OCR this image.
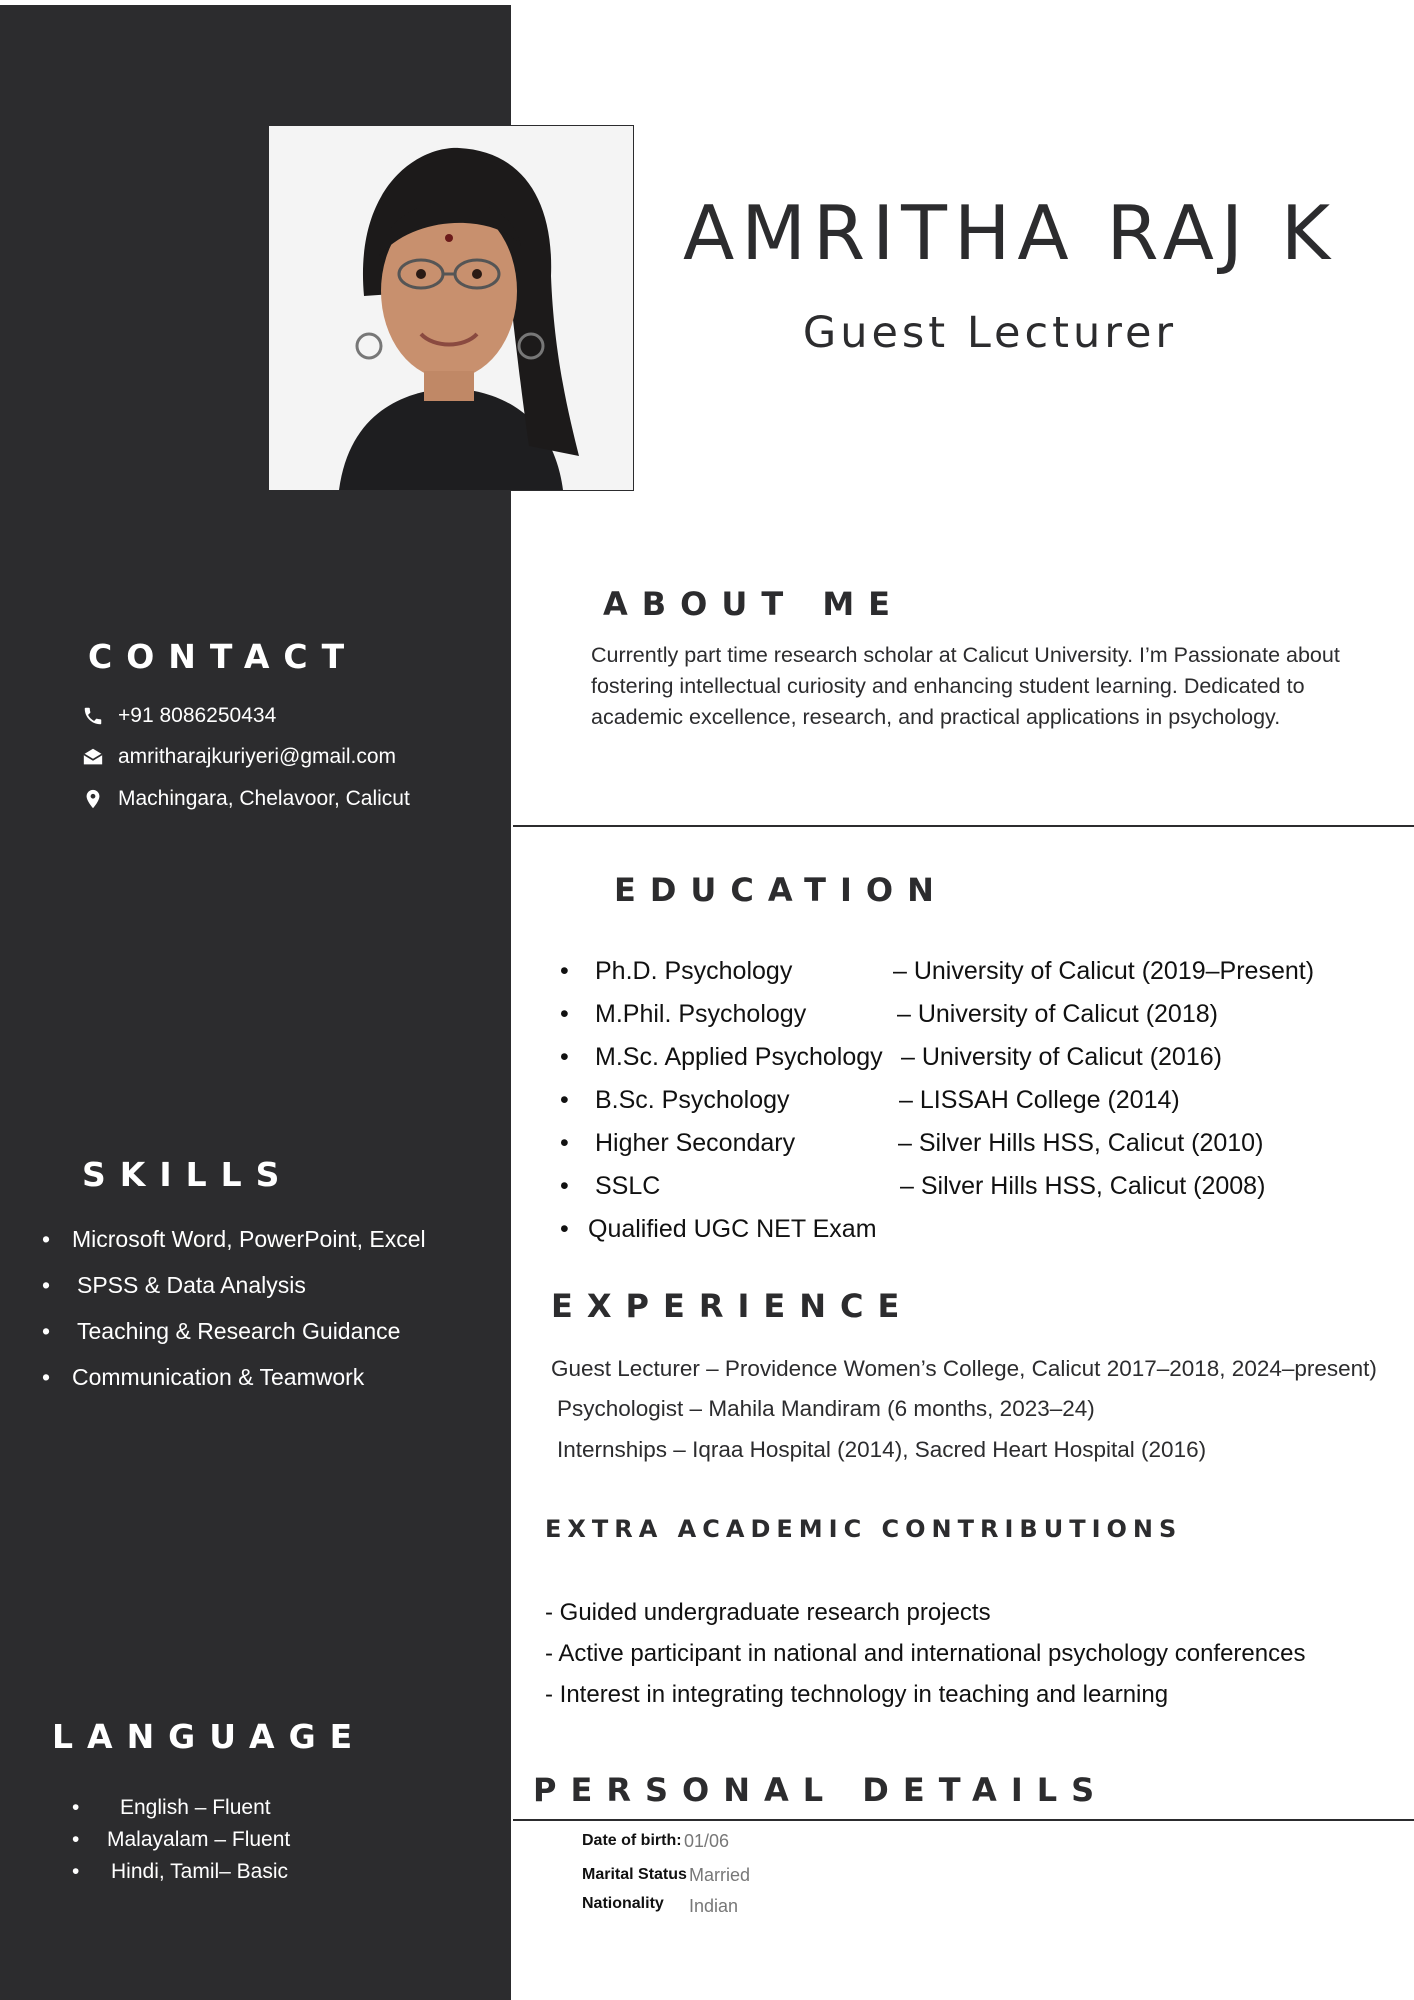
AMRITHA RAJ K
Guest Lecturer
CONTACT
+91 8086250434
amritharajkuriyeri@gmail.com
Machingara, Chelavoor, Calicut
SKILLS
• Microsoft Word, PowerPoint, Excel
• SPSS & Data Analysis
• Teaching & Research Guidance
• Communication & Teamwork
LANGUAGE
• English – Fluent
• Malayalam – Fluent
• Hindi, Tamil– Basic
ABOUT ME
Currently part time research scholar at Calicut University. I’m Passionate about fostering intellectual curiosity and enhancing student learning. Dedicated to academic excellence, research, and practical applications in psychology.
EDUCATION
• Ph.D. Psychology	– University of Calicut (2019–Present)
• M.Phil. Psychology	– University of Calicut (2018)
• M.Sc. Applied Psychology – University of Calicut (2016)
• B.Sc. Psychology	– LISSAH College (2014)
• Higher Secondary	– Silver Hills HSS, Calicut (2010)
• SSLC	– Silver Hills HSS, Calicut (2008)
• Qualified UGC NET Exam
EXPERIENCE
Guest Lecturer – Providence Women’s College, Calicut 2017–2018, 2024–present)
Psychologist – Mahila Mandiram (6 months, 2023–24)
Internships – Iqraa Hospital (2014), Sacred Heart Hospital (2016)
EXTRA ACADEMIC CONTRIBUTIONS
- Guided undergraduate research projects
- Active participant in national and international psychology conferences
- Interest in integrating technology in teaching and learning
PERSONAL DETAILS
Date of birth: 01/06
Marital Status Married
Nationality Indian
